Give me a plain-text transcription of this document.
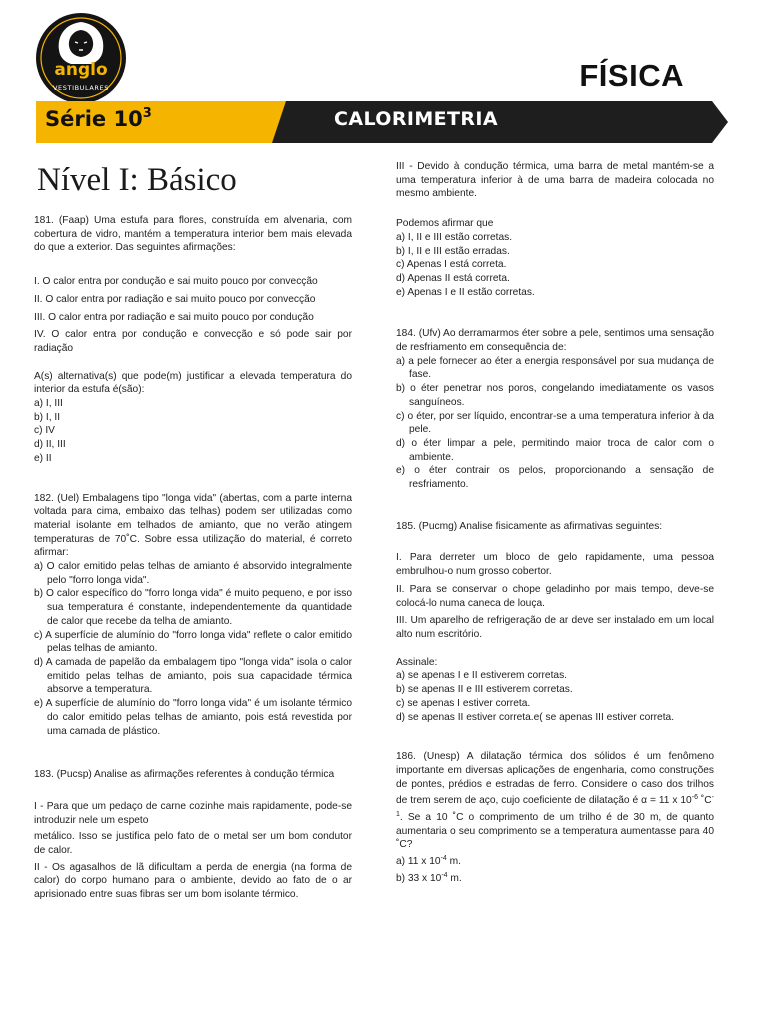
anglo
VESTIBULARES	FÍSICA
Série $10^3$	CALORIMETRIA
Nível I: Básico

181. (Faap) Uma estufa para flores, construída em alvenaria, com cobertura de vidro, mantém a temperatura interior bem mais elevada do que a exterior. Das seguintes afirmações:

I. O calor entra por condução e sai muito pouco por convecção

II. O calor entra por radiação e sai muito pouco por convecção

III. O calor entra por radiação e sai muito pouco por condução

IV. O calor entra por condução e convecção e só pode sair por radiação

A(s) alternativa(s) que pode(m) justificar a elevada temperatura do interior da estufa é(são):

a) I, III

b) I, II

c) IV

d) II, III

e) II

182. (Uel) Embalagens tipo "longa vida" (abertas, com a parte interna voltada para cima, embaixo das telhas) podem ser utilizadas como material isolante em telhados de amianto, que no verão atingem temperaturas de 70˚C. Sobre essa utilização do material, é correto afirmar:

a) O calor emitido pelas telhas de amianto é absorvido integralmente pelo "forro longa vida".

b) O calor específico do "forro longa vida" é muito pequeno, e por isso sua temperatura é constante, independentemente da quantidade de calor que recebe da telha de amianto.

c) A superfície de alumínio do "forro longa vida" reflete o calor emitido pelas telhas de amianto.

d) A camada de papelão da embalagem tipo "longa vida" isola o calor emitido pelas telhas de amianto, pois sua capacidade térmica absorve a temperatura.

e) A superfície de alumínio do "forro longa vida" é um isolante térmico do calor emitido pelas telhas de amianto, pois está revestida por uma camada de plástico.

183. (Pucsp) Analise as afirmações referentes à condução térmica

I - Para que um pedaço de carne cozinhe mais rapidamente, pode-se introduzir nele um espeto

metálico. Isso se justifica pelo fato de o metal ser um bom condutor de calor.

II - Os agasalhos de lã dificultam a perda de energia (na forma de calor) do corpo humano para o ambiente, devido ao fato de o ar aprisionado entre suas fibras ser um bom isolante térmico.

III - Devido à condução térmica, uma barra de metal mantém-se a uma temperatura inferior à de uma barra de madeira colocada no mesmo ambiente.

Podemos afirmar que

a) I, II e III estão corretas.

b) I, II e III estão erradas.

c) Apenas I está correta.

d) Apenas II está correta.

e) Apenas I e II estão corretas.

184. (Ufv) Ao derramarmos éter sobre a pele, sentimos uma sensação de resfriamento em consequência de:

a) a pele fornecer ao éter a energia responsável por sua mudança de fase.

b) o éter penetrar nos poros, congelando imediatamente os vasos sanguíneos.

c) o éter, por ser líquido, encontrar-se a uma temperatura inferior à da pele.

d) o éter limpar a pele, permitindo maior troca de calor com o ambiente.

e) o éter contrair os pelos, proporcionando a sensação de resfriamento.

185. (Pucmg) Analise fisicamente as afirmativas seguintes:

I. Para derreter um bloco de gelo rapidamente, uma pessoa embrulhou-o num grosso cobertor.

II. Para se conservar o chope geladinho por mais tempo, deve-se colocá-lo numa caneca de louça.

III. Um aparelho de refrigeração de ar deve ser instalado em um local alto num escritório.

Assinale:

a) se apenas I e II estiverem corretas.

b) se apenas II e III estiverem corretas.

c) se apenas I estiver correta.

d) se apenas II estiver correta.e( se apenas III estiver correta.

186. (Unesp) A dilatação térmica dos sólidos é um fenômeno importante em diversas aplicações de engenharia, como construções de pontes, prédios e estradas de ferro. Considere o caso dos trilhos de trem serem de aço, cujo coeficiente de dilatação é α = 11 x $10^{-6}$ $˚C^{-1}$. Se a 10 ˚C o comprimento de um trilho é de 30 m, de quanto aumentaria o seu comprimento se a temperatura aumentasse para 40 ˚C?

a) 11 x $10^{-4}$ m.

b) 33 x $10^{-4}$ m.
